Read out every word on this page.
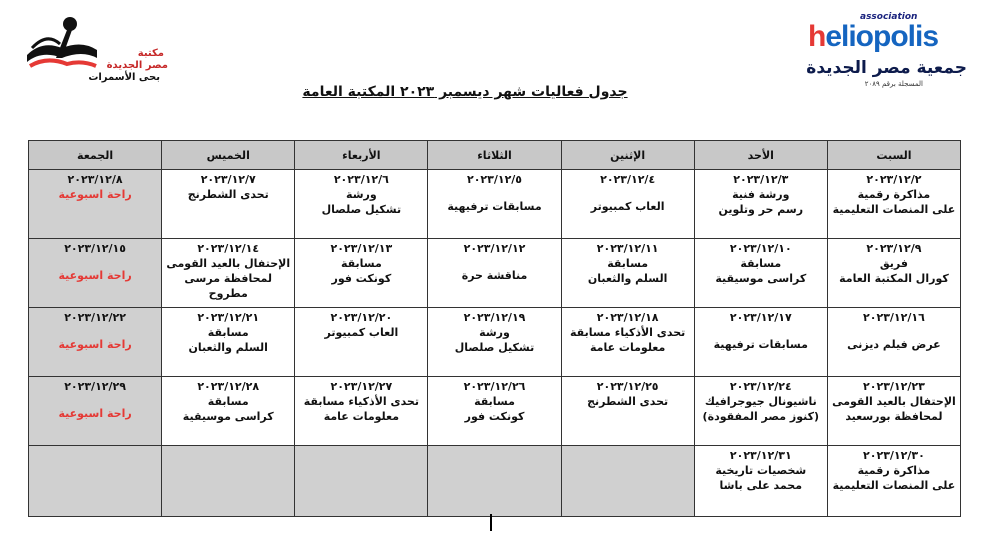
مكتبة
مصر الجديدة
بحى الأسمرات
association
heliopolis
جمعية مصر الجديدة
المسجلة برقم ٢٠٨٩
جدول فعاليات شهر ديسمبر ٢٠٢٣ المكتبة العامة
السبت	الأحد	الإثنين	الثلاثاء	الأربعاء	الخميس	الجمعة

٢٠٢٣/١٢/٢
مذاكرة رقمية
على المنصات التعليمية	٢٠٢٣/١٢/٣
ورشة فنية
رسم حر وتلوين	٢٠٢٣/١٢/٤
العاب كمبيوتر	٢٠٢٣/١٢/٥
مسابقات ترفيهية	٢٠٢٣/١٢/٦
ورشة
تشكيل صلصال	٢٠٢٣/١٢/٧
تحدى الشطرنج	٢٠٢٣/١٢/٨
راحة اسبوعية

٢٠٢٣/١٢/٩
فريق
كورال المكتبة العامة	٢٠٢٣/١٢/١٠
مسابقة
كراسى موسيقية	٢٠٢٣/١٢/١١
مسابقة
السلم والثعبان	٢٠٢٣/١٢/١٢
مناقشة حرة	٢٠٢٣/١٢/١٣
مسابقة
كونكت فور	٢٠٢٣/١٢/١٤
الإحتفال بالعيد القومى
لمحافظة مرسى مطروح	٢٠٢٣/١٢/١٥
راحة اسبوعية

٢٠٢٣/١٢/١٦
عرض فيلم ديزنى	٢٠٢٣/١٢/١٧
مسابقات ترفيهية	٢٠٢٣/١٢/١٨
تحدى الأذكياء مسابقة
معلومات عامة	٢٠٢٣/١٢/١٩
ورشة
تشكيل صلصال	٢٠٢٣/١٢/٢٠
العاب كمبيوتر	٢٠٢٣/١٢/٢١
مسابقة
السلم والثعبان	٢٠٢٣/١٢/٢٢
راحة اسبوعية

٢٠٢٣/١٢/٢٣
الإحتفال بالعيد القومى
لمحافظة بورسعيد	٢٠٢٣/١٢/٢٤
ناشيونال جيوجرافيك
(كنوز مصر المفقودة)	٢٠٢٣/١٢/٢٥
تحدى الشطرنج	٢٠٢٣/١٢/٢٦
مسابقة
كونكت فور	٢٠٢٣/١٢/٢٧
تحدى الأذكياء مسابقة
معلومات عامة	٢٠٢٣/١٢/٢٨
مسابقة
كراسى موسيقية	٢٠٢٣/١٢/٢٩
راحة اسبوعية

٢٠٢٣/١٢/٣٠
مذاكرة رقمية
على المنصات التعليمية	٢٠٢٣/١٢/٣١
شخصيات تاريخية
محمد على باشا					
